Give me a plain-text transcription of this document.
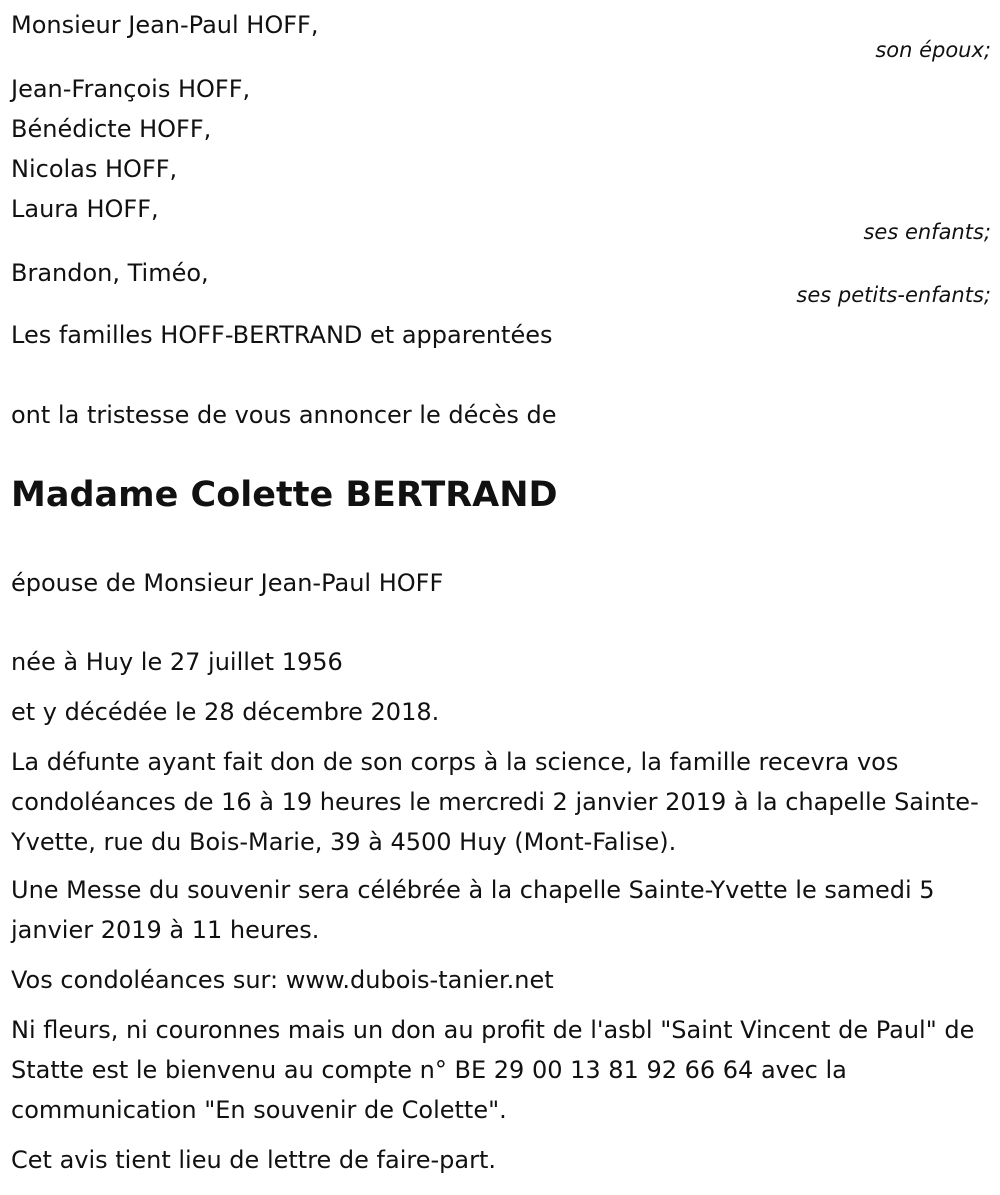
Monsieur Jean-Paul HOFF,
son époux;
Jean-François HOFF,
Bénédicte HOFF,
Nicolas HOFF,
Laura HOFF,
ses enfants;
Brandon, Timéo,
ses petits-enfants;
Les familles HOFF-BERTRAND et apparentées
ont la tristesse de vous annoncer le décès de
Madame Colette BERTRAND
épouse de Monsieur Jean-Paul HOFF
née à Huy le 27 juillet 1956
et y décédée le 28 décembre 2018.
La défunte ayant fait don de son corps à la science, la famille recevra vos condoléances de 16 à 19 heures le mercredi 2 janvier 2019 à la chapelle Sainte-Yvette, rue du Bois-Marie, 39 à 4500 Huy (Mont-Falise).
Une Messe du souvenir sera célébrée à la chapelle Sainte-Yvette le samedi 5 janvier 2019 à 11 heures.
Vos condoléances sur: www.dubois-tanier.net
Ni fleurs, ni couronnes mais un don au profit de l'asbl "Saint Vincent de Paul" de Statte est le bienvenu au compte n° BE 29 00 13 81 92 66 64 avec la communication "En souvenir de Colette".
Cet avis tient lieu de lettre de faire-part.
